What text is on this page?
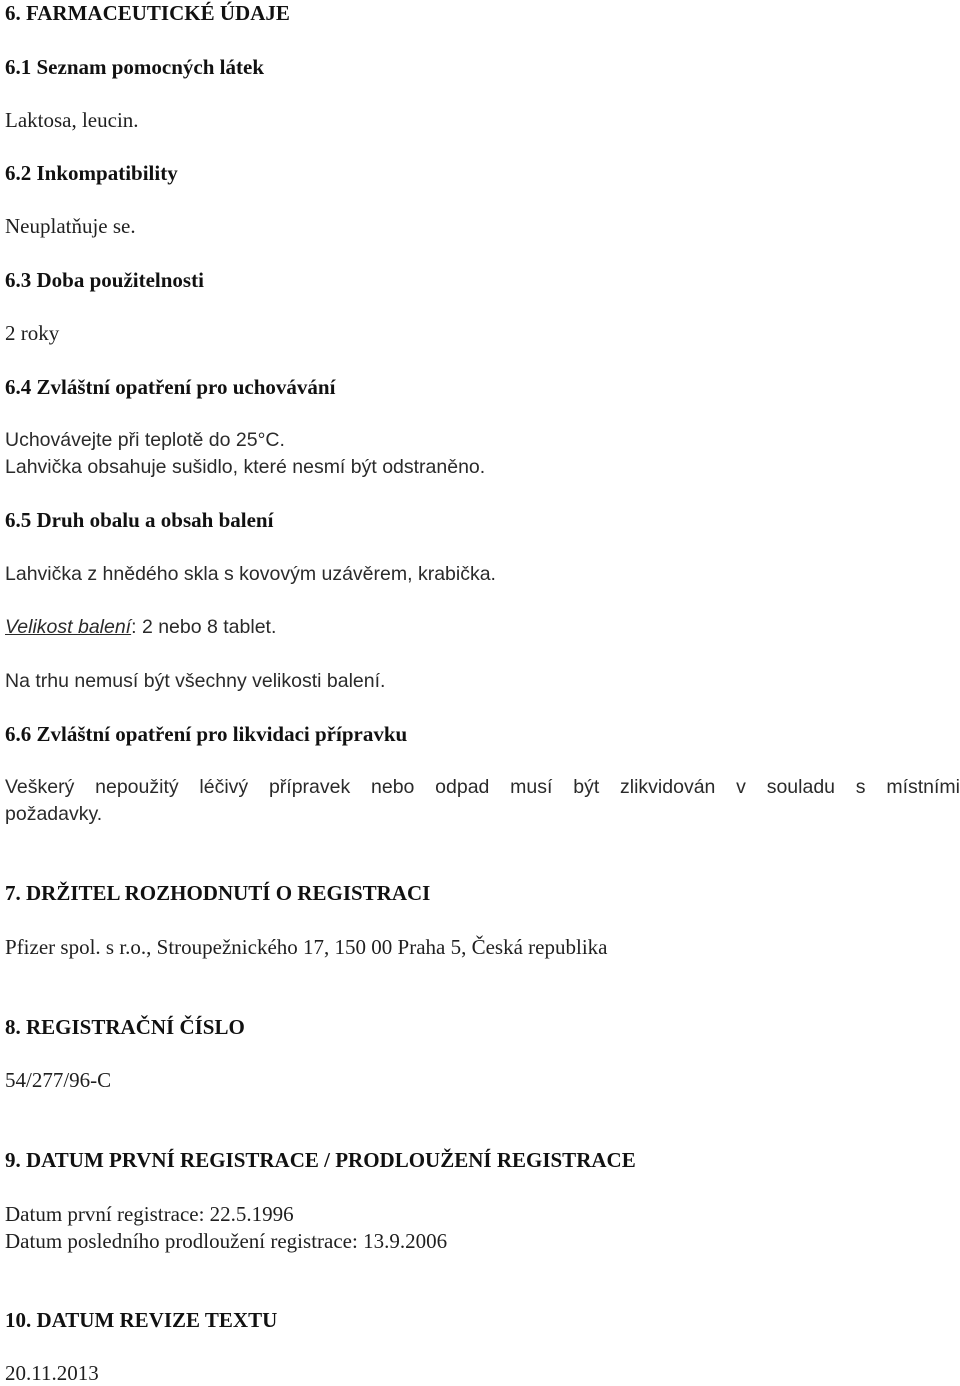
6. FARMACEUTICKÉ ÚDAJE
6.1 Seznam pomocných látek
Laktosa, leucin.
6.2 Inkompatibility
Neuplatňuje se.
6.3 Doba použitelnosti
2 roky
6.4 Zvláštní opatření pro uchovávání
Uchovávejte při teplotě do 25°C.
Lahvička obsahuje sušidlo, které nesmí být odstraněno.
6.5 Druh obalu a obsah balení
Lahvička z hnědého skla s kovovým uzávěrem, krabička.
Velikost balení: 2 nebo 8 tablet.
Na trhu nemusí být všechny velikosti balení.
6.6 Zvláštní opatření pro likvidaci přípravku
Veškerý nepoužitý léčivý přípravek nebo odpad musí být zlikvidován v souladu s místními
požadavky.
7. DRŽITEL ROZHODNUTÍ O REGISTRACI
Pfizer spol. s r.o., Stroupežnického 17, 150 00 Praha 5, Česká republika
8. REGISTRAČNÍ ČÍSLO
54/277/96-C
9. DATUM PRVNÍ REGISTRACE / PRODLOUŽENÍ REGISTRACE
Datum první registrace: 22.5.1996
Datum posledního prodloužení registrace: 13.9.2006
10. DATUM REVIZE TEXTU
20.11.2013
